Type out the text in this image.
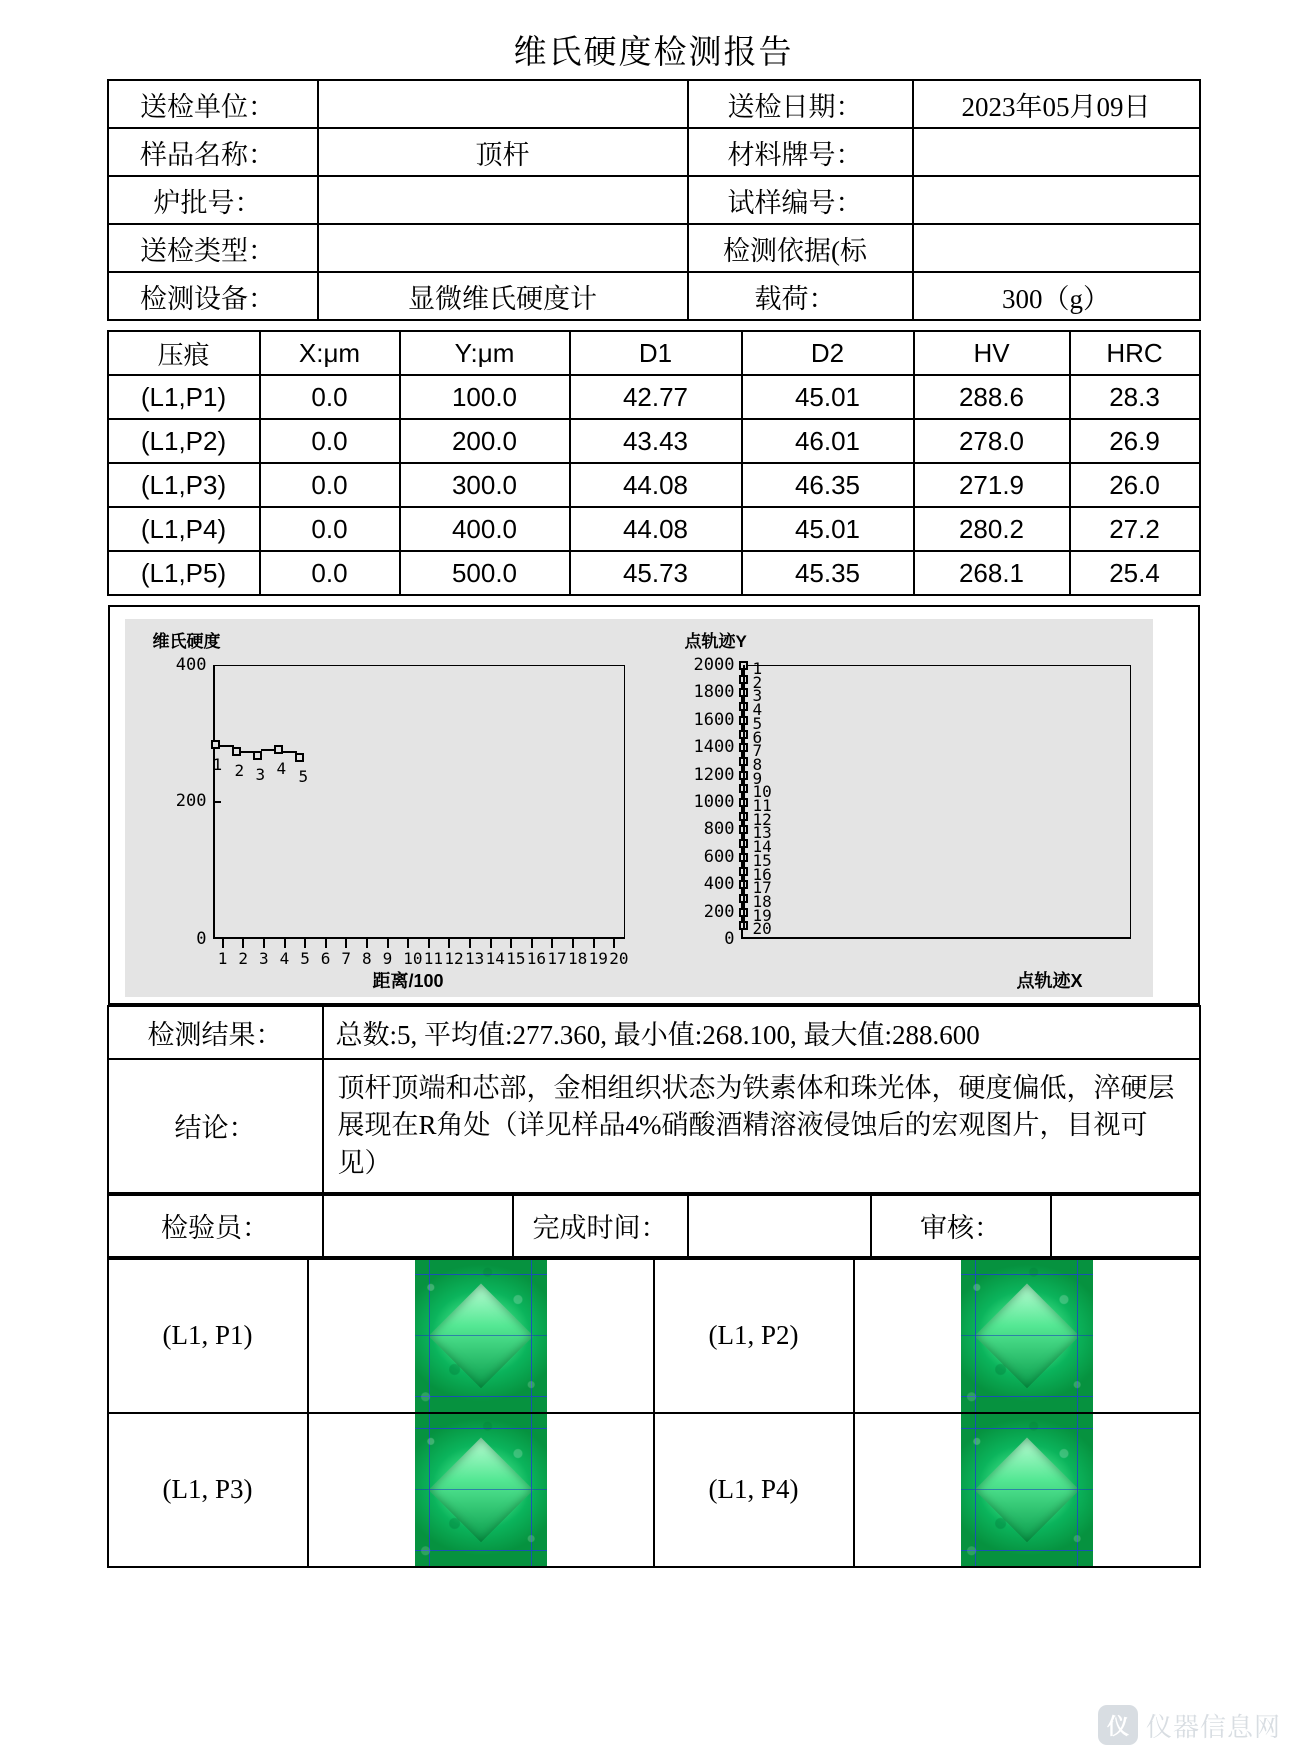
维氏硬度检测报告
送检单位：		送检日期：	2023年05月09日
样品名称：	顶杆	材料牌号：	
炉批号：		试样编号：	
送检类型：		检测依据(标	
检测设备：	显微维氏硬度计	载荷：	300（g）
压痕	X:μm	Y:μm	D1	D2	HV	HRC
(L1,P1)	0.0	100.0	42.77	45.01	288.6	28.3
(L1,P2)	0.0	200.0	43.43	46.01	278.0	26.9
(L1,P3)	0.0	300.0	44.08	46.35	271.9	26.0
(L1,P4)	0.0	400.0	44.08	45.01	280.2	27.2
(L1,P5)	0.0	500.0	45.73	45.35	268.1	25.4
维氏硬度
400
200
0
1 2 3 4 5
1 2 3 4 5 6 7 8 9 10 11 12 13 14 15 16 17 18 19 20
距离/100
点轨迹Y
2000
1800
1600
1400
1200
1000
800
600
400
200
0
1
2
3
4
5
6
7
8
9
10
11
12
13
14
15
16
17
18
19
20
点轨迹X
检测结果：	总数:5, 平均值:277.360, 最小值:268.100, 最大值:288.600
结论：	顶杆顶端和芯部，金相组织状态为铁素体和珠光体，硬度偏低，淬硬层展现在R角处（详见样品4%硝酸酒精溶液侵蚀后的宏观图片，目视可见）
检验员：		完成时间：		审核：	
(L1, P1)		(L1, P2)	

(L1, P3)		(L1, P4)	
仪 仪器信息网
